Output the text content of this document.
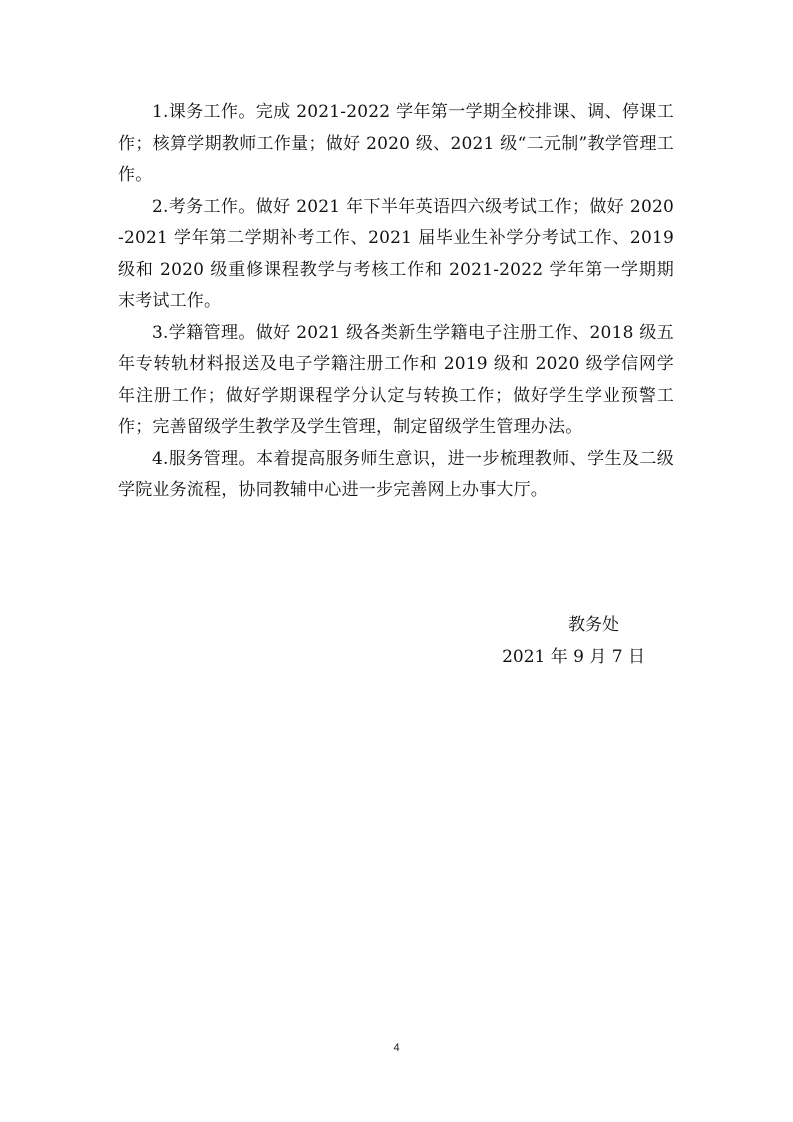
1.课务工作。完成 2021-2022 学年第一学期全校排课、调、停课工作；核算学期教师工作量；做好 2020 级、2021 级“二元制”教学管理工作。

2.考务工作。做好 2021 年下半年英语四六级考试工作；做好 2020-2021 学年第二学期补考工作、2021 届毕业生补学分考试工作、2019 级和 2020 级重修课程教学与考核工作和 2021-2022 学年第一学期期末考试工作。

3.学籍管理。做好 2021 级各类新生学籍电子注册工作、2018 级五年专转轨材料报送及电子学籍注册工作和 2019 级和 2020 级学信网学年注册工作；做好学期课程学分认定与转换工作；做好学生学业预警工作；完善留级学生教学及学生管理，制定留级学生管理办法。

4.服务管理。本着提高服务师生意识，进一步梳理教师、学生及二级学院业务流程，协同教辅中心进一步完善网上办事大厅。

教务处
2021 年 9 月 7 日
4
